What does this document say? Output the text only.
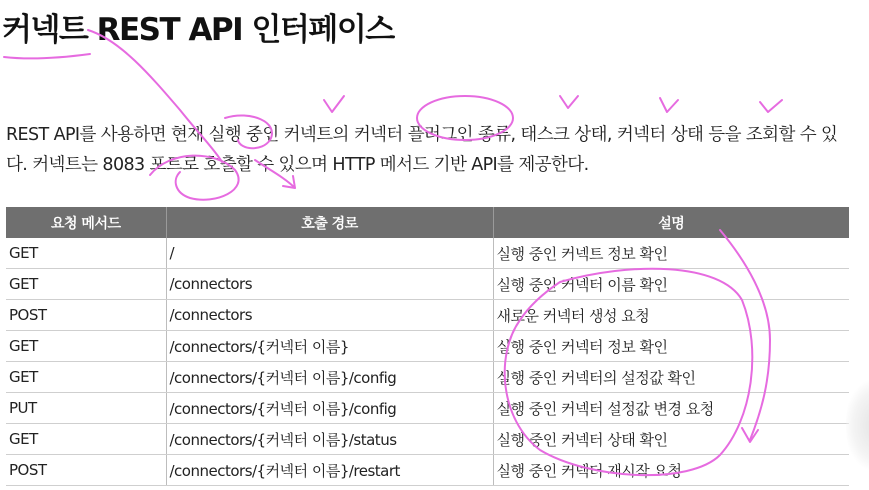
커넥트 REST API 인터페이스

REST API를 사용하면 현재 실행 중인 커넥트의 커넥터 플러그인 종류, 태스크 상태, 커넥터 상태 등을 조회할 수 있다. 커넥트는 8083 포트로 호출할 수 있으며 HTTP 메서드 기반 API를 제공한다.

요청 메서드	호출 경로	설명
GET	/	실행 중인 커넥트 정보 확인
GET	/connectors	실행 중인 커넥터 이름 확인
POST	/connectors	새로운 커넥터 생성 요청
GET	/connectors/{커넥터 이름}	실행 중인 커넥터 정보 확인
GET	/connectors/{커넥터 이름}/config	실행 중인 커넥터의 설정값 확인
PUT	/connectors/{커넥터 이름}/config	실행 중인 커넥터 설정값 변경 요청
GET	/connectors/{커넥터 이름}/status	실행 중인 커넥터 상태 확인
POST	/connectors/{커넥터 이름}/restart	실행 중인 커넥터 재시작 요청
